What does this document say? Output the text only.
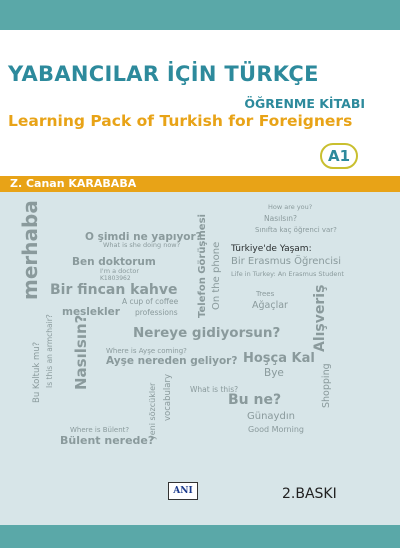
YABANCILAR İÇİN TÜRKÇE
ÖĞRENME KİTABI
Learning Pack of Turkish for Foreigners
A1
Z. Canan KARABABA
How are you?
Nasılsın?
Sınıfta kaç öğrenci var?
O şimdi ne yapıyor?
What is she doing now?	Türkiye'de Yaşam:
Bir Erasmus Öğrencisi
Life in Turkey: An Erasmus Student
Ben doktorum
I'm a doctor
K1803962
Bir fincan kahve
A cup of coffee
meslekler professions
Trees
Ağaçlar
Nereye gidiyorsun?
Where is Ayşe coming?
Ayşe nereden geliyor? Hoşça Kal
Bye
What is this?
Bu ne?
Günaydın
Good Morning
Where is Bülent?
Bülent nerede?
merhaba
Bu Koltuk mu? Is this an armchair? Nasılsın?
Telefon Görüşmesi On the phone
yeni sözcükler vocabulary
Alışveriş
Shopping
ANI	2.BASKI
